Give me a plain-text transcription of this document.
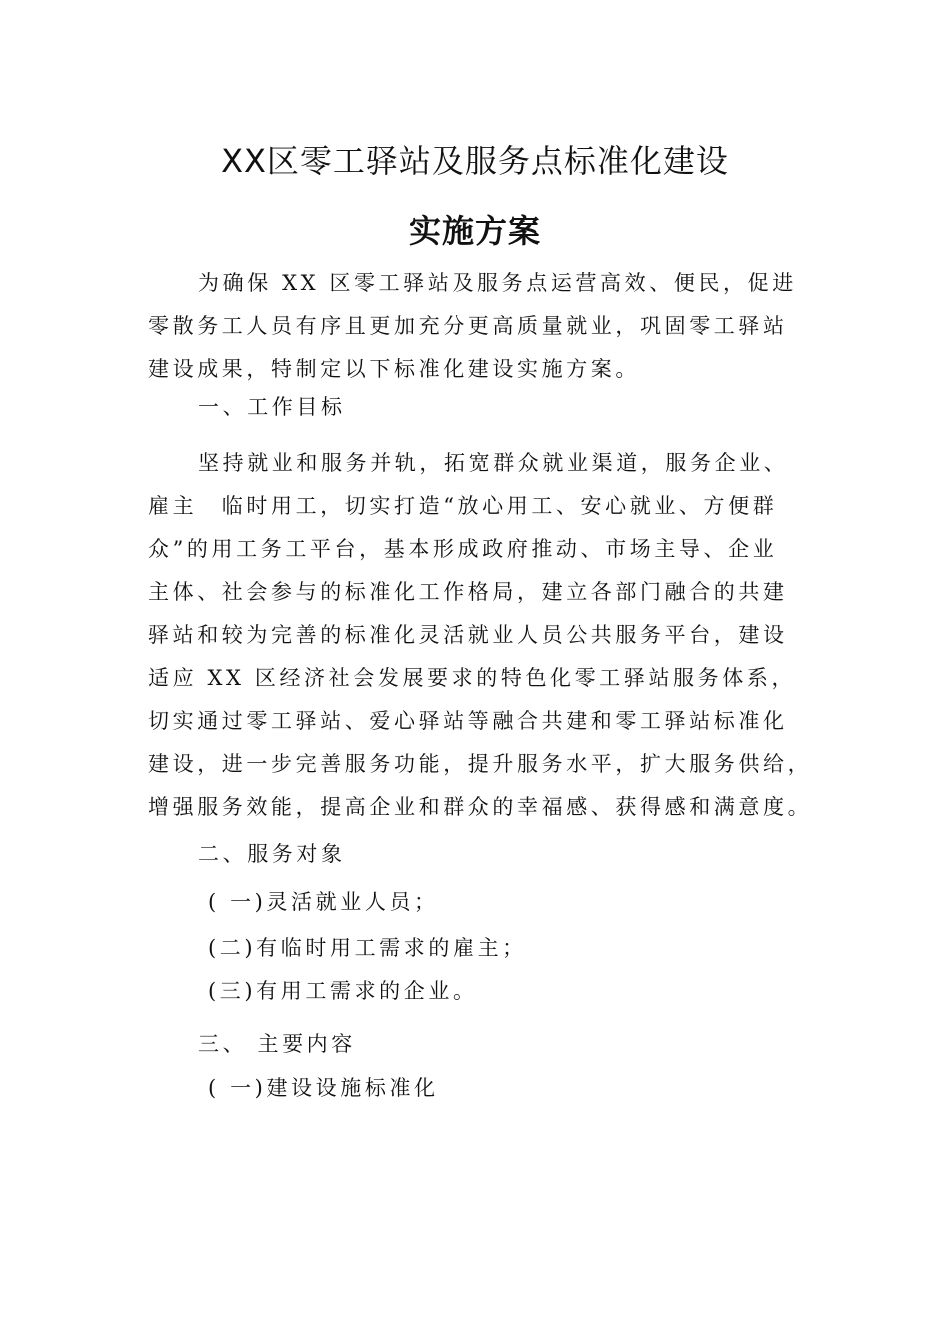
XX区零工驿站及服务点标准化建设
实施方案
为确保 XX 区零工驿站及服务点运营高效、便民，促进
零散务工人员有序且更加充分更高质量就业，巩固零工驿站
建设成果，特制定以下标准化建设实施方案。
一、工作目标
坚持就业和服务并轨，拓宽群众就业渠道，服务企业、
雇主　临时用工，切实打造“放心用工、安心就业、方便群
众”的用工务工平台，基本形成政府推动、市场主导、企业
主体、社会参与的标准化工作格局，建立各部门融合的共建
驿站和较为完善的标准化灵活就业人员公共服务平台，建设
适应 XX 区经济社会发展要求的特色化零工驿站服务体系，
切实通过零工驿站、爱心驿站等融合共建和零工驿站标准化
建设，进一步完善服务功能，提升服务水平，扩大服务供给，
增强服务效能，提高企业和群众的幸福感、获得感和满意度。
二、服务对象
( 一)灵活就业人员；
(二)有临时用工需求的雇主；
(三)有用工需求的企业。
三、 主要内容
( 一)建设设施标准化
